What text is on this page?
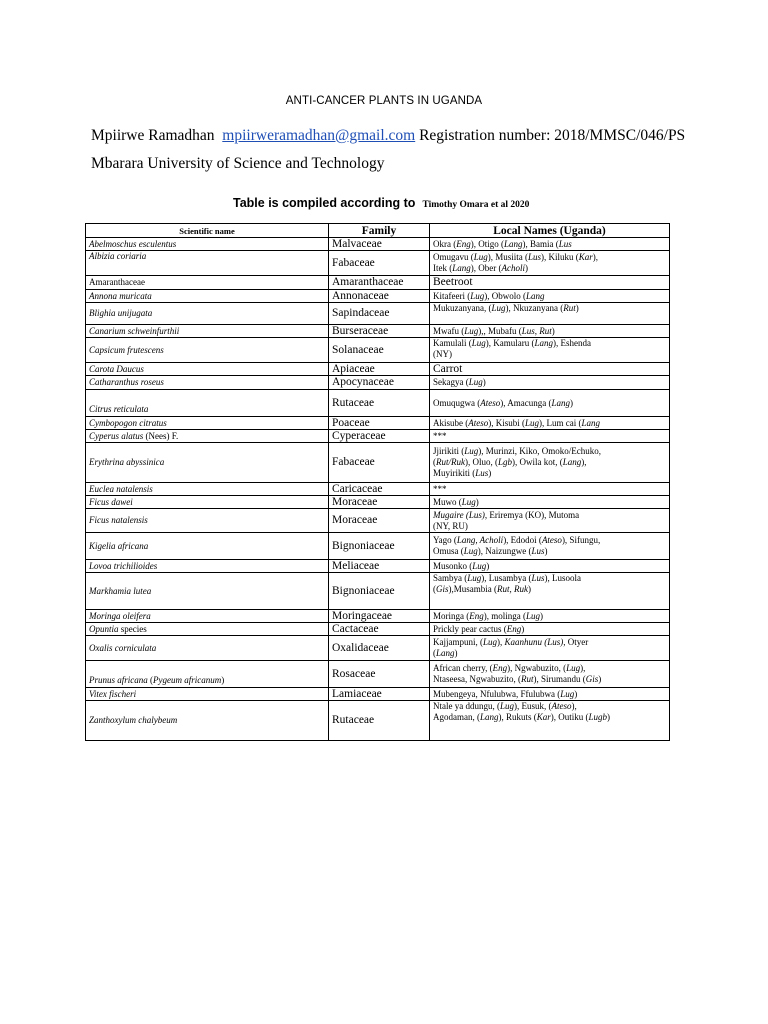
ANTI-CANCER PLANTS IN UGANDA
Mpiirwe Ramadhan mpiirweramadhan@gmail.com Registration number: 2018/MMSC/046/PS
Mbarara University of Science and Technology
Table is compiled according to Timothy Omara et al 2020
Scientific name	Family	Local Names (Uganda)
Abelmoschus esculentus	Malvaceae	Okra (Eng), Otigo (Lang), Bamia (Lus
Albizia coriaria	Fabaceae	Omugavu (Lug), Musiita (Lus), Kiluku (Kar),
Itek (Lang), Ober (Acholi)
Amaranthaceae	Amaranthaceae	Beetroot
Annona muricata	Annonaceae	Kitafeeri (Lug), Obwolo (Lang
Blighia unijugata	Sapindaceae	Mukuzanyana, (Lug), Nkuzanyana (Rut)
Canarium schweinfurthii	Burseraceae	Mwafu (Lug),, Mubafu (Lus, Rut)
Capsicum frutescens	Solanaceae	Kamulali (Lug), Kamularu (Lang), Eshenda
(NY)
Carota Daucus	Apiaceae	Carrot
Catharanthus roseus	Apocynaceae	Sekagya (Lug)
Citrus reticulata	Rutaceae	Omuqugwa (Ateso), Amacunga (Lang)
Cymbopogon citratus	Poaceae	Akisube (Ateso), Kisubi (Lug), Lum cai (Lang
Cyperus alatus (Nees) F.	Cyperaceae	***
Erythrina abyssinica	Fabaceae	Jjirikiti (Lug), Murinzi, Kiko, Omoko/Echuko,
(Rut/Ruk), Oluo, (Lgb), Owila kot, (Lang),
Muyirikiti (Lus)
Euclea natalensis	Caricaceae	***
Ficus dawei	Moraceae	Muwo (Lug)
Ficus natalensis	Moraceae	Mugaire (Lus), Eriremya (KO), Mutoma
(NY, RU)
Kigelia africana	Bignoniaceae	Yago (Lang, Acholi), Edodoi (Ateso), Sifungu,
Omusa (Lug), Naizungwe (Lus)
Lovoa trichilioides	Meliaceae	Musonko (Lug)
Markhamia lutea	Bignoniaceae	Sambya (Lug), Lusambya (Lus), Lusoola
(Gis),Musambia (Rut, Ruk)
Moringa oleifera	Moringaceae	Moringa (Eng), molinga (Lug)
Opuntia species	Cactaceae	Prickly pear cactus (Eng)
Oxalis corniculata	Oxalidaceae	Kajjampuni, (Lug), Kaanhunu (Lus), Otyer
(Lang)
Prunus africana (Pygeum africanum)	Rosaceae	African cherry, (Eng), Ngwabuzito, (Lug),
Ntaseesa, Ngwabuzito, (Rut), Sirumandu (Gis)
Vitex fischeri	Lamiaceae	Mubengeya, Nfulubwa, Ffulubwa (Lug)
Zanthoxylum chalybeum	Rutaceae	Ntale ya ddungu, (Lug), Eusuk, (Ateso),
Agodaman, (Lang), Rukuts (Kar), Outiku (Lugb)
